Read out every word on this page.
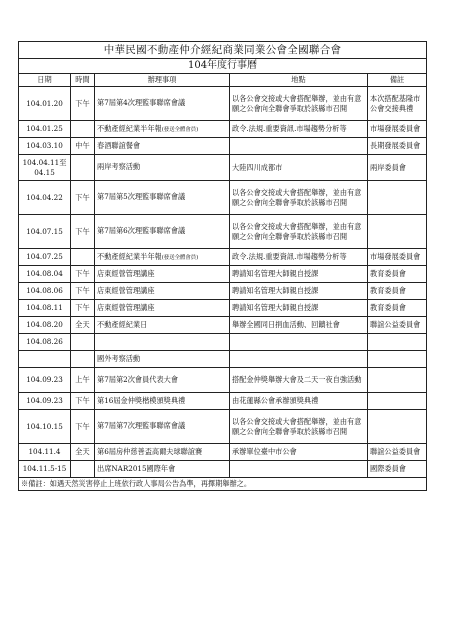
中華民國不動產仲介經紀商業同業公會全國聯合會				
104年度行事曆				
日期	時間	辦理事項	地點	備註
104.01.20	下午	第7屆第4次理監事聯席會議	以各公會交接或大會搭配舉辦，並由有意願之公會向全聯會爭取於該縣市召開	本次搭配基隆市公會交接典禮
104.01.25		不動產經紀業半年報(發送全體會員)	政令.法規.重要資訊.市場趨勢分析等	市場發展委員會
104.03.10	中午	春酒聯誼餐會		長期發展委員會
104.04.11至04.15		兩岸考察活動	大陸四川成都市	兩岸委員會
104.04.22	下午	第7屆第5次理監事聯席會議	以各公會交接或大會搭配舉辦，並由有意願之公會向全聯會爭取於該縣市召開	
104.07.15	下午	第7屆第6次理監事聯席會議	以各公會交接或大會搭配舉辦，並由有意願之公會向全聯會爭取於該縣市召開	
104.07.25		不動產經紀業半年報(發送全體會員)	政令.法規.重要資訊.市場趨勢分析等	市場發展委員會
104.08.04	下午	店東經營管理講座	聘請知名管理大師親自授課	教育委員會
104.08.06	下午	店東經營管理講座	聘請知名管理大師親自授課	教育委員會
104.08.11	下午	店東經營管理講座	聘請知名管理大師親自授課	教育委員會
104.08.20	全天	不動產經紀業日	舉辦全國同日捐血活動、回饋社會	聯誼公益委員會
104.08.26				
		國外考察活動		
104.09.23	上午	第7屆第2次會員代表大會	搭配金仲獎舉辦大會及二天一夜自強活動	
104.09.23	下午	第16屆金仲獎楷模頒獎典禮	由花蓮縣公會承辦頒獎典禮	
104.10.15	下午	第7屆第7次理監事聯席會議	以各公會交接或大會搭配舉辦，並由有意願之公會向全聯會爭取於該縣市召開	
104.11.4	全天	第6屆房仲慈善盃高爾夫球聯誼賽	承辦單位臺中市公會	聯誼公益委員會
104.11.5-15		出席NAR2015國際年會		國際委員會
※備註：如遇天然災害停止上班依行政人事局公告為準，再擇期舉辦之。				
